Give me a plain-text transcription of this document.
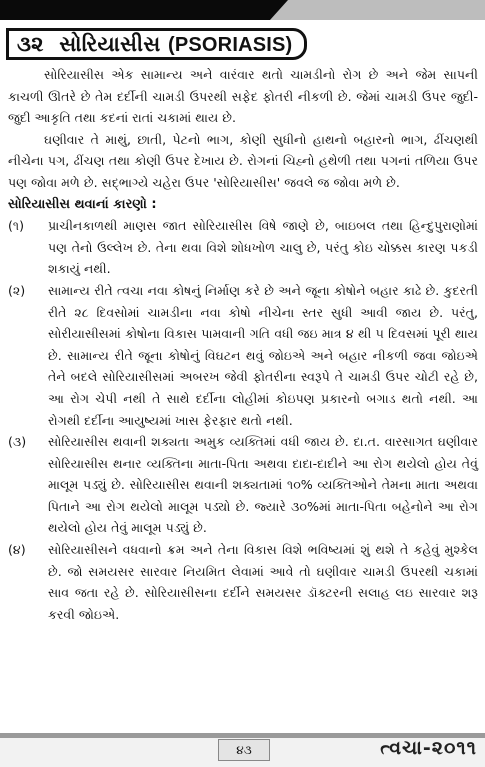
૩૨ સોરિયાસીસ (PSORIASIS)

સોરિયાસીસ એક સામાન્ય અને વારંવાર થતો ચામડીનો રોગ છે અને જેમ સાપની કાચળી ઊતરે છે તેમ દર્દીની ચામડી ઉપરથી સફેદ ફોતરી નીકળી છે. જેમાં ચામડી ઉપર જુદી-જુદી આકૃતિ તથા કદનાં રાતાં ચકામાં થાય છે.

ઘણીવાર તે માથું, છાતી, પેટનો ભાગ, કોણી સુધીનો હાથનો બહારનો ભાગ, ઢીંચણથી નીચેના પગ, ઢીંચણ તથા કોણી ઉપર દેખાય છે. રોગનાં ચિહ્નો હથેળી તથા પગનાં તળિયા ઉપર પણ જોવા મળે છે. સદ્ભાગ્યે ચહેરા ઉપર 'સોરિયાસીસ' જવલે જ જોવા મળે છે.

સોરિયાસીસ થવાનાં કારણો :

(૧)	પ્રાચીનકાળથી માણસ જાત સોરિયાસીસ વિષે જાણે છે, બાઇબલ તથા હિન્દુપુરાણોમાં પણ તેનો ઉલ્લેખ છે. તેના થવા વિશે શોધખોળ ચાલુ છે, પરંતુ કોઇ ચોક્કસ કારણ પકડી શકાયું નથી.
(૨)	સામાન્ય રીતે ત્વચા નવા કોષનું નિર્માણ કરે છે અને જૂના કોષોને બહાર કાઢે છે. કુદરતી રીતે ૨૮ દિવસોમાં ચામડીના નવા કોષો નીચેના સ્તર સુધી આવી જાય છે. પરંતુ, સોરીયાસીસમાં કોષોના વિકાસ પામવાની ગતિ વધી જઇ માત્ર ૪ થી ૫ દિવસમાં પૂરી થાય છે. સામાન્ય રીતે જૂના કોષોનું વિઘટન થવું જોઇએ અને બહાર નીકળી જવા જોઇએ તેને બદલે સોરિયાસીસમાં અબરખ જેવી ફોતરીના સ્વરૂપે તે ચામડી ઉપર ચોટી રહે છે, આ રોગ ચેપી નથી તે સાથે દર્દીના લોહીમાં કોઇપણ પ્રકારનો બગાડ થતો નથી. આ રોગથી દર્દીના આયુષ્યમાં ખાસ ફેરફાર થતો નથી.
(૩)	સોરિયાસીસ થવાની શક્યતા અમુક વ્યક્તિમાં વધી જાય છે. દા.ત. વારસાગત ઘણીવાર સોરિયાસીસ થનાર વ્યક્તિના માતા-પિતા અથવા દાદા-દાદીને આ રોગ થયેલો હોય તેવું માલૂમ પડ્યું છે. સોરિયાસીસ થવાની શક્યતામાં ૧૦% વ્યક્તિઓને તેમના માતા અથવા પિતાને આ રોગ થયેલો માલૂમ પડ્યો છે. જ્યારે ૩૦%માં માતા-પિતા બહેનોને આ રોગ થયેલો હોય તેવું માલૂમ પડ્યું છે.
(૪)	સોરિયાસીસને વધવાનો ક્રમ અને તેના વિકાસ વિશે ભવિષ્યમાં શું થશે તે કહેવું મુશ્કેલ છે. જો સમયસર સારવાર નિયમિત લેવામાં આવે તો ઘણીવાર ચામડી ઉપરથી ચકામાં સાવ જતા રહે છે. સોરિયાસીસના દર્દીને સમયસર ડૉક્ટરની સલાહ લઇ સારવાર શરૂ કરવી જોઇએ.
૪૩	ત્વચા-૨૦૧૧
